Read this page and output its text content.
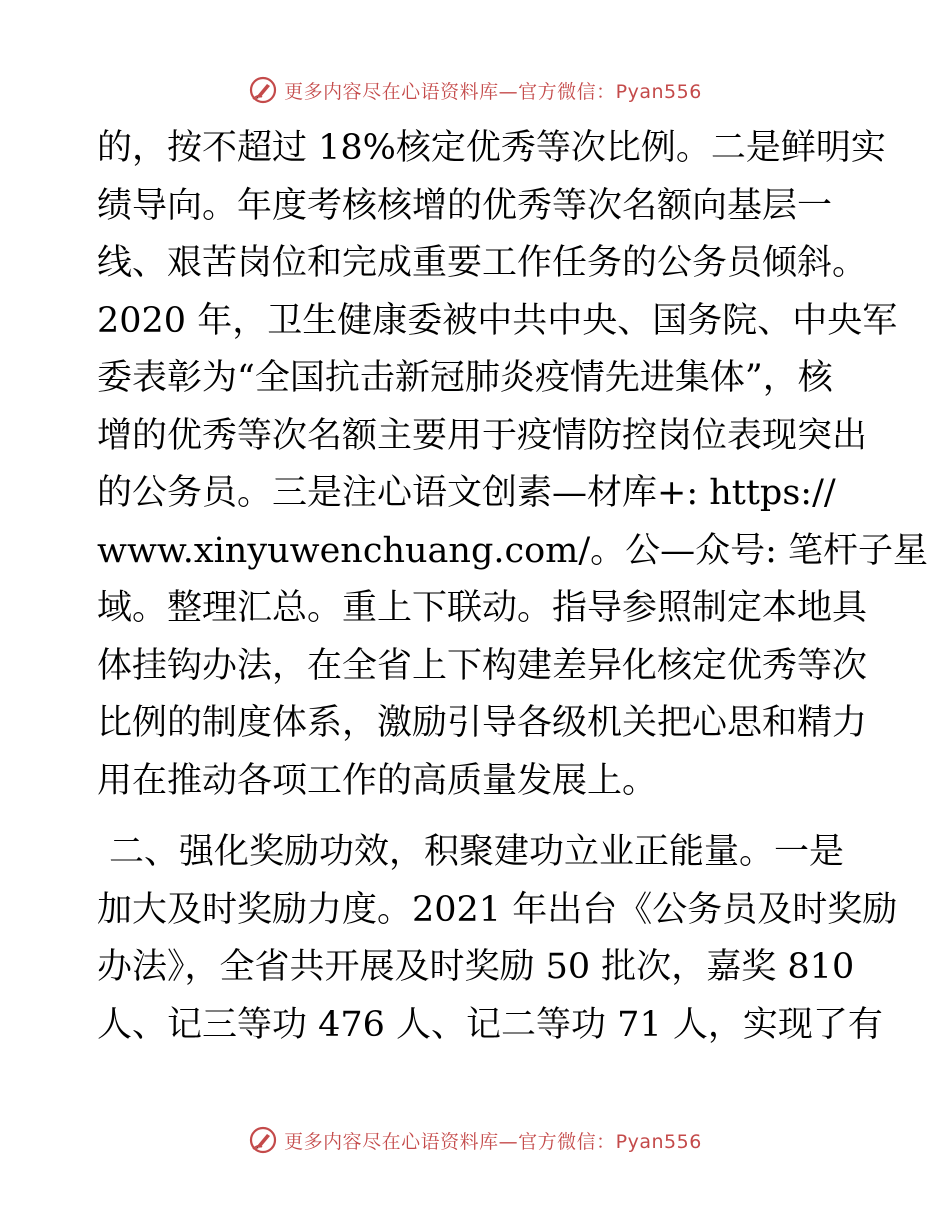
更多内容尽在心语资料库—官方微信：Pyan556
的，按不超过 18%核定优秀等次比例。二是鲜明实
绩导向。年度考核核增的优秀等次名额向基层一
线、艰苦岗位和完成重要工作任务的公务员倾斜。
2020 年，卫生健康委被中共中央、国务院、中央军
委表彰为“全国抗击新冠肺炎疫情先进集体”，核
增的优秀等次名额主要用于疫情防控岗位表现突出
的公务员。三是注心语文创素—材库+: https://
www.xinyuwenchuang.com/。公—众号: 笔杆子星
域。整理汇总。重上下联动。指导参照制定本地具
体挂钩办法，在全省上下构建差异化核定优秀等次
比例的制度体系，激励引导各级机关把心思和精力
用在推动各项工作的高质量发展上。
二、强化奖励功效，积聚建功立业正能量。一是
加大及时奖励力度。2021 年出台《公务员及时奖励
办法》，全省共开展及时奖励 50 批次，嘉奖 810
人、记三等功 476 人、记二等功 71 人，实现了有
更多内容尽在心语资料库—官方微信：Pyan556
